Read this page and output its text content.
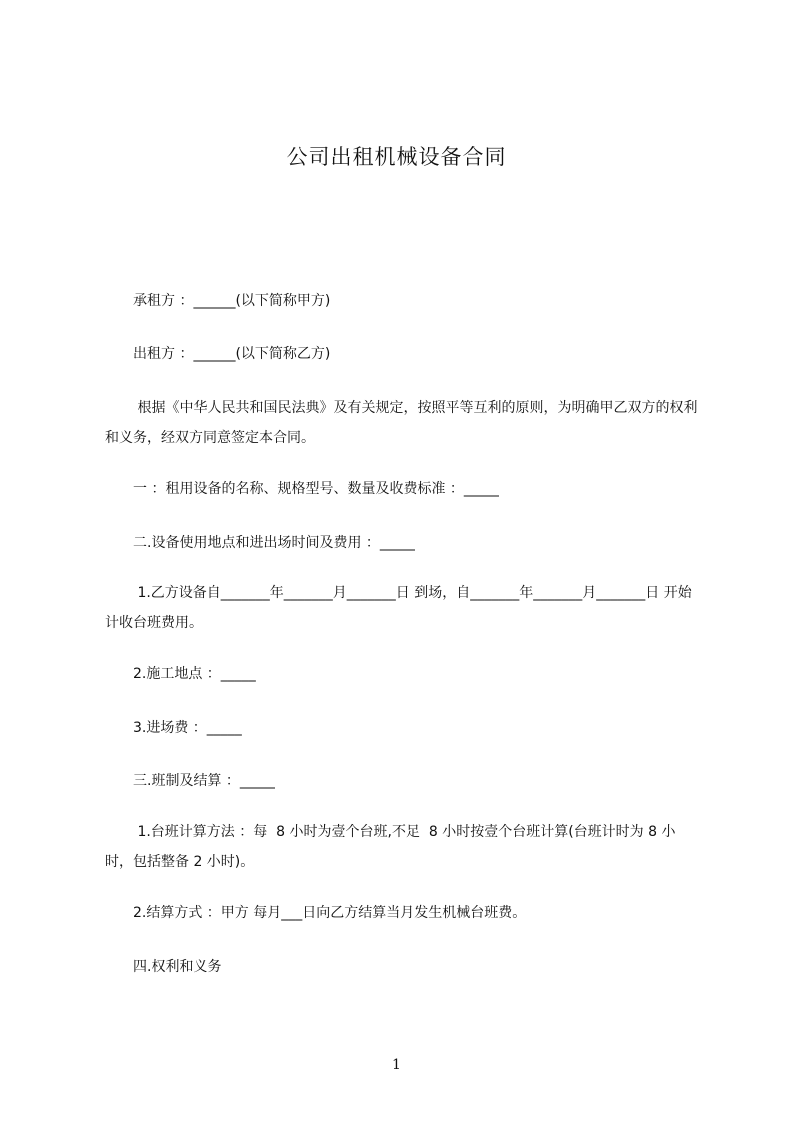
公司出租机械设备合同

　　承租方 ：______(以下简称甲方)

　　出租方 ：______(以下简称乙方)

　　 根据《中华人民共和国民法典》及有关规定，按照平等互利的原则，为明确甲乙双方的权利和义务，经双方同意签定本合同。

　　一 ：租用设备的名称、规格型号、数量及收费标准 ：_____

　　二.设备使用地点和进出场时间及费用 ：_____

　　 1.乙方设备自_______年_______月_______日 到场，自_______年_______月_______日 开始计收台班费用。

　　2.施工地点 ：_____

　　3.进场费 ：_____

　　三.班制及结算 ：_____

　　 1.台班计算方法 ：每  8 小时为壹个台班,不足  8 小时按壹个台班计算(台班计时为 8 小时，包括整备 2 小时)。

　　2.结算方式 ：甲方 每月___日向乙方结算当月发生机械台班费。

　　四.权利和义务

1
